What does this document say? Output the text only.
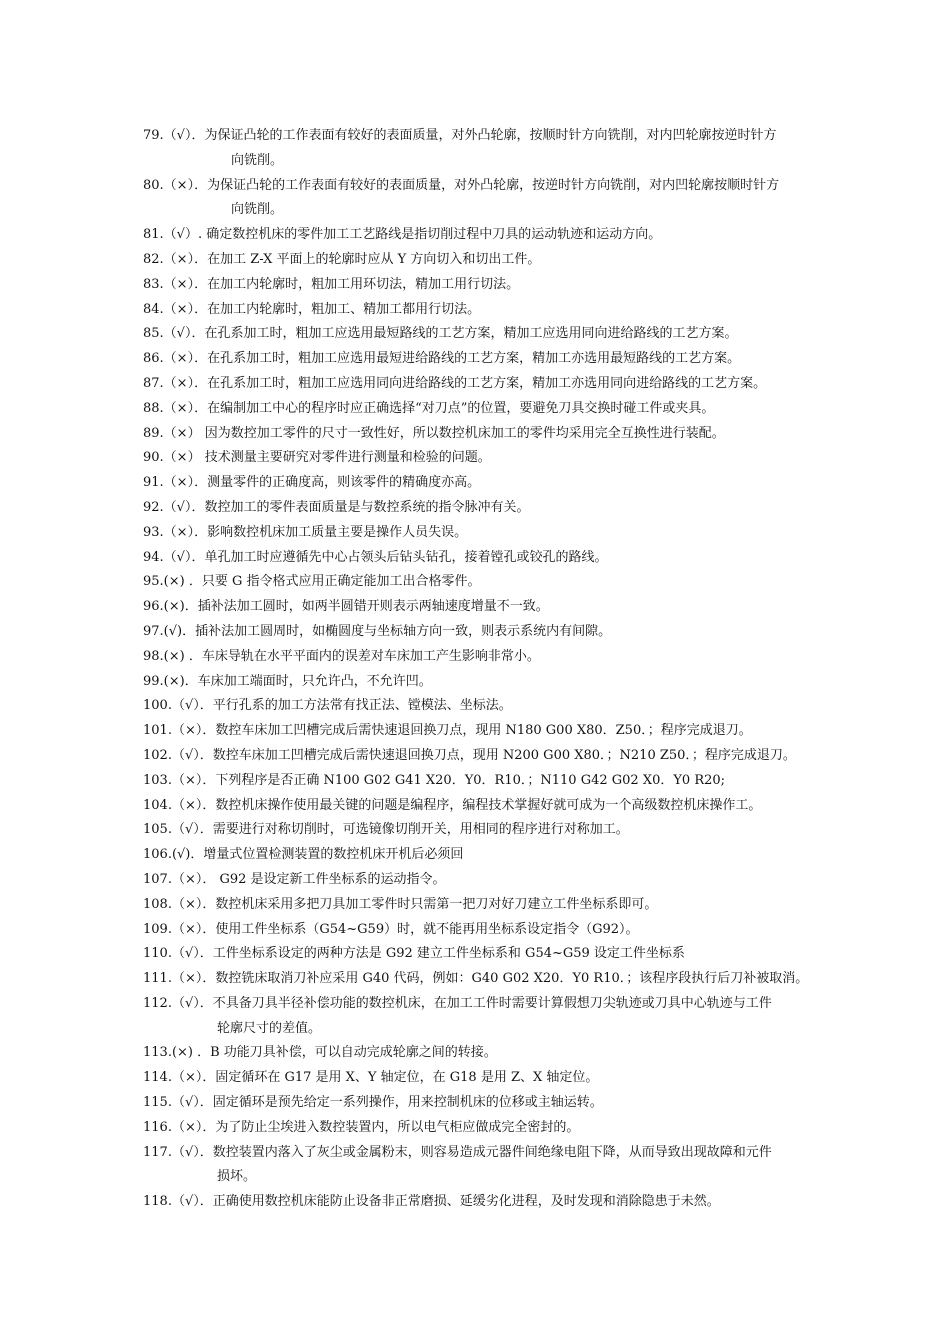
79.（√）．为保证凸轮的工作表面有较好的表面质量，对外凸轮廓，按顺时针方向铣削，对内凹轮廓按逆时针方
向铣削。
80.（×）．为保证凸轮的工作表面有较好的表面质量，对外凸轮廓，按逆时针方向铣削，对内凹轮廓按顺时针方
向铣削。
81.（√）. 确定数控机床的零件加工工艺路线是指切削过程中刀具的运动轨迹和运动方向。
82.（×）．在加工 Z-X 平面上的轮廓时应从 Y 方向切入和切出工件。
83.（×）．在加工内轮廓时，粗加工用环切法，精加工用行切法。
84.（×）．在加工内轮廓时，粗加工、精加工都用行切法。
85.（√）．在孔系加工时，粗加工应选用最短路线的工艺方案，精加工应选用同向进给路线的工艺方案。
86.（×）．在孔系加工时，粗加工应选用最短进给路线的工艺方案，精加工亦选用最短路线的工艺方案。
87.（×）．在孔系加工时，粗加工应选用同向进给路线的工艺方案，精加工亦选用同向进给路线的工艺方案。
88.（×）．在编制加工中心的程序时应正确选择“对刀点”的位置，要避免刀具交换时碰工件或夹具。
89.（×） 因为数控加工零件的尺寸一致性好，所以数控机床加工的零件均采用完全互换性进行装配。
90.（×） 技术测量主要研究对零件进行测量和检验的问题。
91.（×）．测量零件的正确度高，则该零件的精确度亦高。
92.（√）．数控加工的零件表面质量是与数控系统的指令脉冲有关。
93.（×）．影响数控机床加工质量主要是操作人员失误。
94.（√）．单孔加工时应遵循先中心占领头后钻头钻孔，接着镗孔或铰孔的路线。
95.(×) ．只要 G 指令格式应用正确定能加工出合格零件。
96.(×)．插补法加工圆时，如两半圆错开则表示两轴速度增量不一致。
97.(√)．插补法加工圆周时，如椭圆度与坐标轴方向一致，则表示系统内有间隙。
98.(×) ．车床导轨在水平平面内的误差对车床加工产生影响非常小。
99.(×)．车床加工端面时，只允许凸，不允许凹。
100.（√）．平行孔系的加工方法常有找正法、镗模法、坐标法。
101.（×）．数控车床加工凹槽完成后需快速退回换刀点，现用 N180 G00 X80．Z50．；程序完成退刀。
102.（√）．数控车床加工凹槽完成后需快速退回换刀点，现用 N200 G00 X80．；N210 Z50．；程序完成退刀。
103.（×）．下列程序是否正确 N100 G02 G41 X20．Y0．R10．；N110 G42 G02 X0．Y0 R20;
104.（×）．数控机床操作使用最关键的问题是编程序，编程技术掌握好就可成为一个高级数控机床操作工。
105.（√）．需要进行对称切削时，可选镜像切削开关，用相同的程序进行对称加工。
106.(√)．增量式位置检测装置的数控机床开机后必须回
107.（×）． G92 是设定新工件坐标系的运动指令。
108.（×）．数控机床采用多把刀具加工零件时只需第一把刀对好刀建立工件坐标系即可。
109.（×）．使用工件坐标系（G54~G59）时，就不能再用坐标系设定指令（G92）。
110.（√）．工件坐标系设定的两种方法是 G92 建立工件坐标系和 G54~G59 设定工件坐标系
111.（×）．数控铣床取消刀补应采用 G40 代码，例如：G40 G02 X20．Y0 R10．；该程序段执行后刀补被取消。
112.（√）．不具备刀具半径补偿功能的数控机床，在加工工件时需要计算假想刀尖轨迹或刀具中心轨迹与工件
轮廓尺寸的差值。
113.(×) ．B 功能刀具补偿，可以自动完成轮廓之间的转接。
114.（×）．固定循环在 G17 是用 X、Y 轴定位，在 G18 是用 Z、X 轴定位。
115.（√）．固定循环是预先给定一系列操作，用来控制机床的位移或主轴运转。
116.（×）．为了防止尘埃进入数控装置内，所以电气柜应做成完全密封的。
117.（√）．数控装置内落入了灰尘或金属粉末，则容易造成元器件间绝缘电阻下降，从而导致出现故障和元件
损坏。
118.（√）．正确使用数控机床能防止设备非正常磨损、延缓劣化进程，及时发现和消除隐患于未然。
